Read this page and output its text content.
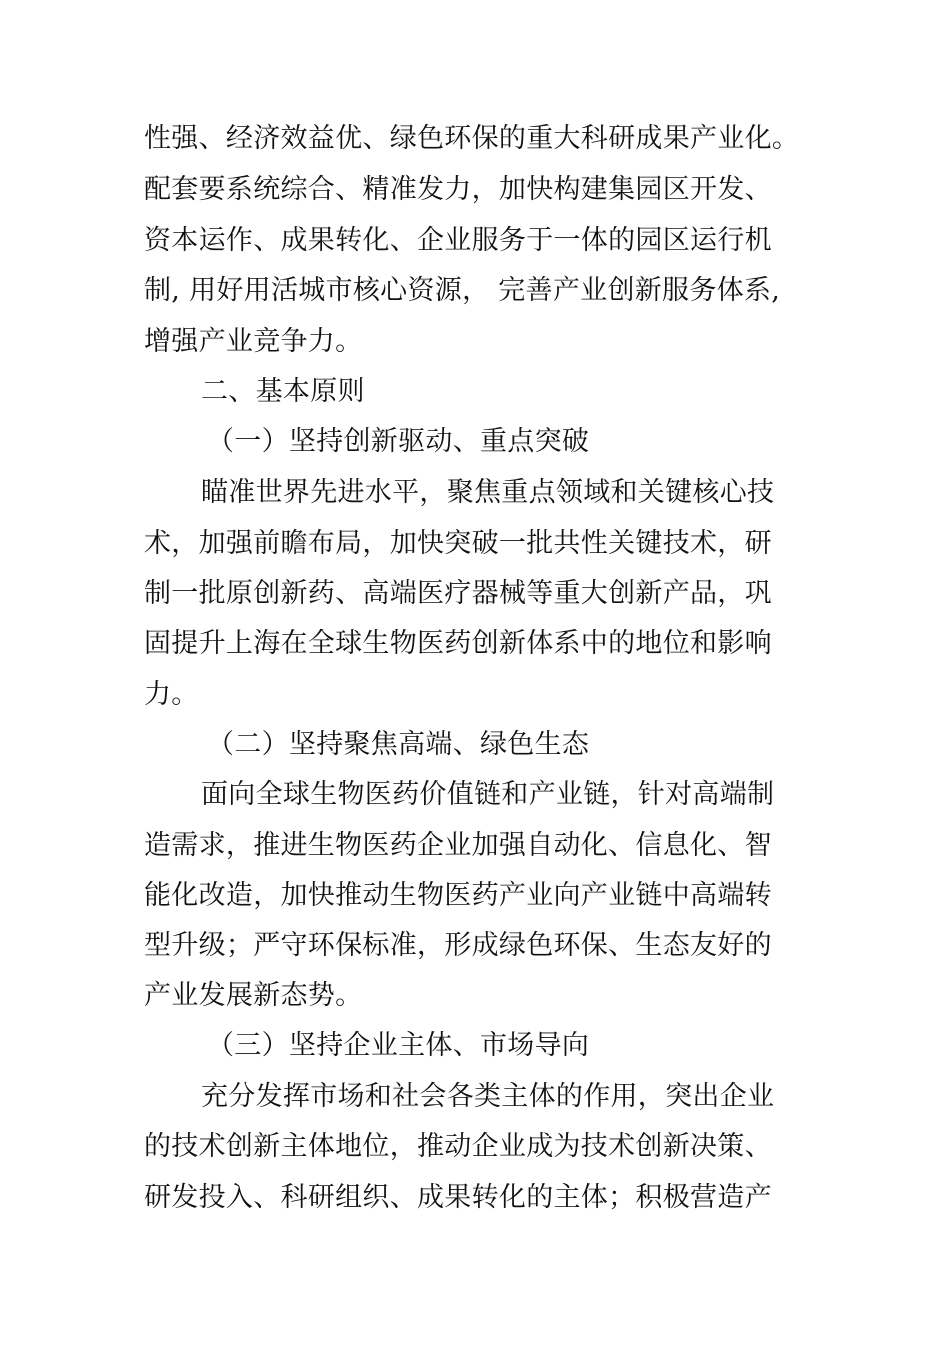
性强、经济效益优、绿色环保的重大科研成果产业化。
配套要系统综合、精准发力，加快构建集园区开发、
资本运作、成果转化、企业服务于一体的园区运行机
制, 用好用活城市核心资源， 完善产业创新服务体系,
增强产业竞争力。
二、基本原则
（一）坚持创新驱动、重点突破
瞄准世界先进水平，聚焦重点领域和关键核心技
术，加强前瞻布局，加快突破一批共性关键技术，研
制一批原创新药、高端医疗器械等重大创新产品，巩
固提升上海在全球生物医药创新体系中的地位和影响
力。
（二）坚持聚焦高端、绿色生态
面向全球生物医药价值链和产业链，针对高端制
造需求，推进生物医药企业加强自动化、信息化、智
能化改造，加快推动生物医药产业向产业链中高端转
型升级；严守环保标准，形成绿色环保、生态友好的
产业发展新态势。
（三）坚持企业主体、市场导向
充分发挥市场和社会各类主体的作用，突出企业
的技术创新主体地位，推动企业成为技术创新决策、
研发投入、科研组织、成果转化的主体；积极营造产
